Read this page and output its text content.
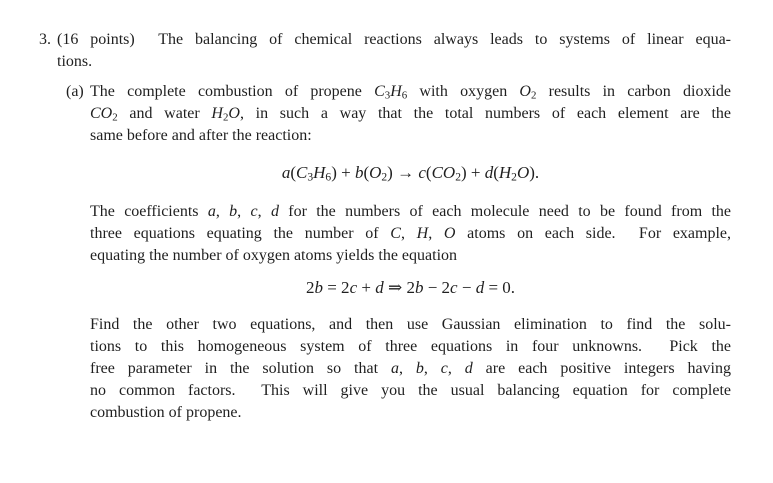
3. (16 points)  The balancing of chemical reactions always leads to systems of linear equa-
tions.
(a) The complete combustion of propene $C_3H_6$ with oxygen $O_2$ results in carbon dioxide
$CO_2$ and water $H_2O$, in such a way that the total numbers of each element are the
same before and after the reaction:
$a(C_3H_6) + b(O_2) \to c(CO_2) + d(H_2O)$.
The coefficients a, b, c, d for the numbers of each molecule need to be found from the
three equations equating the number of C, H, O atoms on each side.  For example,
equating the number of oxygen atoms yields the equation
2b = 2c + d ⇒ 2b − 2c − d = 0.
Find the other two equations, and then use Gaussian elimination to find the solu-
tions to this homogeneous system of three equations in four unknowns.  Pick the
free parameter in the solution so that a, b, c, d are each positive integers having
no common factors.  This will give you the usual balancing equation for complete
combustion of propene.
